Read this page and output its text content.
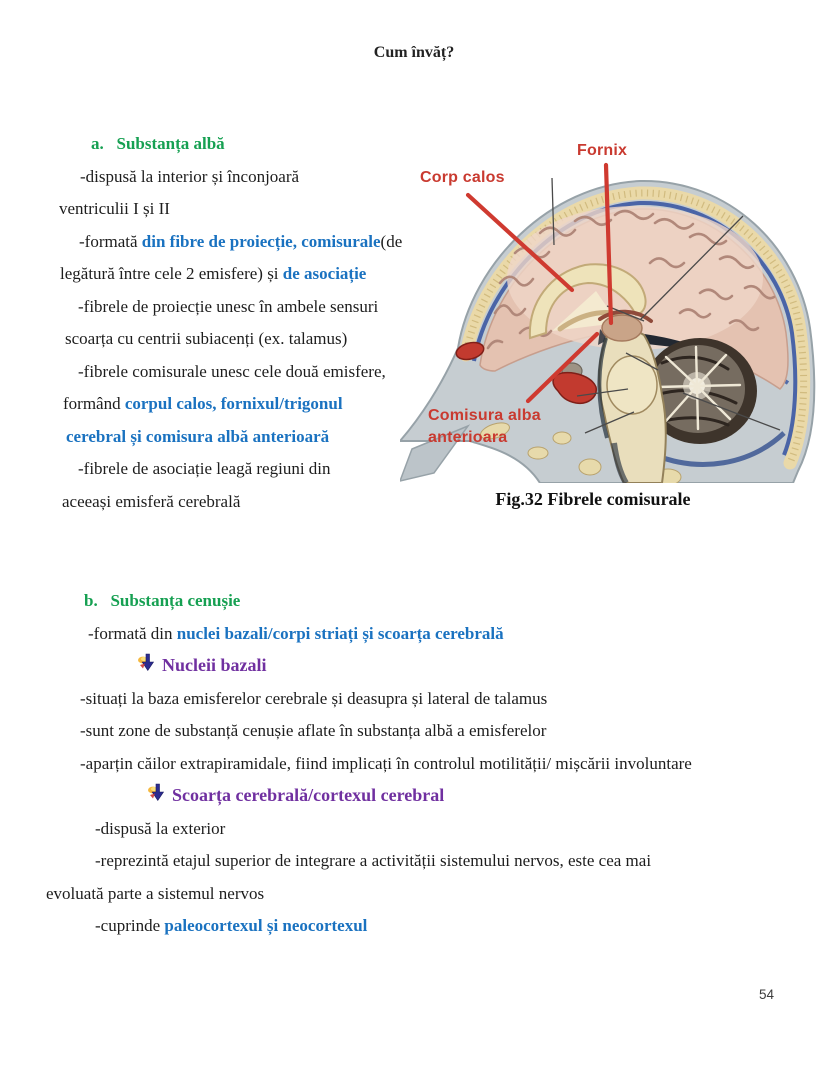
Cum învăț?
a.   Substanța albă
-dispusă la interior și înconjoară
ventriculii I și II
-formată din fibre de proiecție, comisurale(de
legătură între cele 2 emisfere) și de asociație
-fibrele de proiecție unesc în ambele sensuri
scoarța cu centrii subiacenți (ex. talamus)
-fibrele comisurale unesc cele două emisfere,
formând corpul calos, fornixul/trigonul
cerebral și comisura albă anterioară
-fibrele de asociație leagă regiuni din
aceeași emisferă cerebrală
Corp calos
Fornix
Comisura alba
anterioara
Fig.32 Fibrele comisurale
b.   Substanța cenușie
-formată din nuclei bazali/corpi striați și scoarța cerebrală
Nucleii bazali
-situați la baza emisferelor cerebrale și deasupra și lateral de talamus
-sunt zone de substanță cenușie aflate în substanța albă a emisferelor
-aparțin căilor extrapiramidale, fiind implicați în controlul motilității/ mișcării involuntare
Scoarța cerebrală/cortexul cerebral
-dispusă la exterior
-reprezintă etajul superior de integrare a activității sistemului nervos, este cea mai
evoluată parte a sistemul nervos
-cuprinde paleocortexul și neocortexul
54
